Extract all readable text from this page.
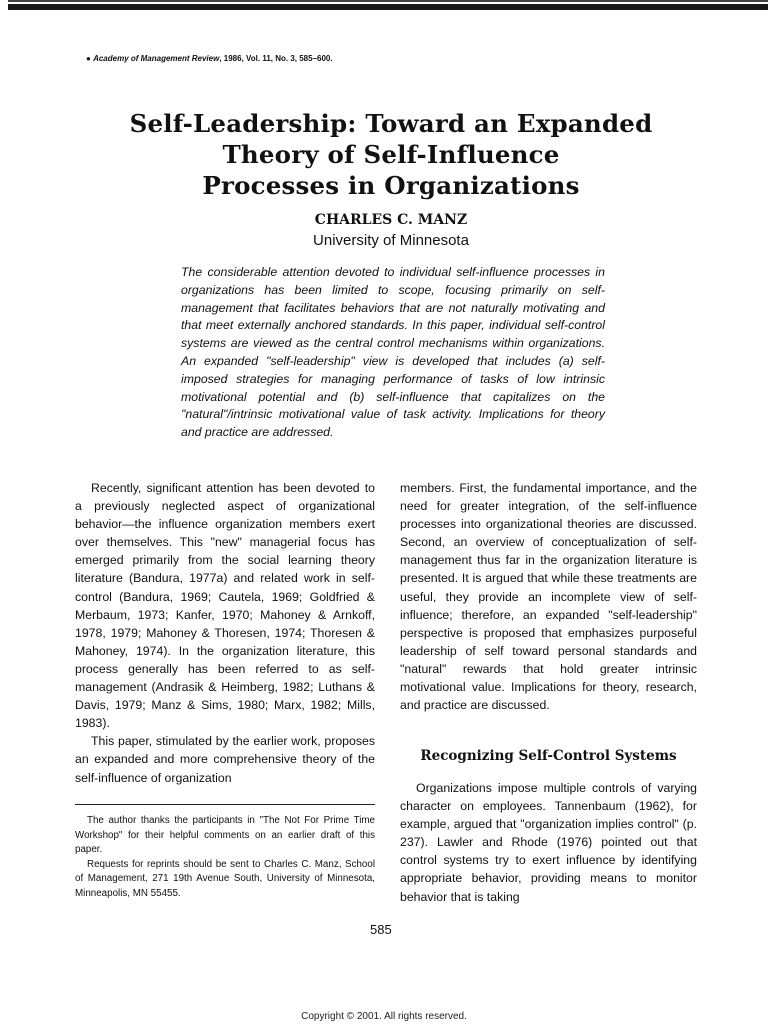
● Academy of Management Review, 1986, Vol. 11, No. 3, 585–600.
Self-Leadership: Toward an Expanded
Theory of Self-Influence
Processes in Organizations
CHARLES C. MANZ
University of Minnesota

The considerable attention devoted to individual self-influence processes in organizations has been limited to scope, focusing primarily on self-management that facilitates behaviors that are not naturally motivating and that meet externally anchored standards. In this paper, individual self-control systems are viewed as the central control mechanisms within organizations. An expanded "self-leadership" view is developed that includes (a) self-imposed strategies for managing performance of tasks of low intrinsic motivational potential and (b) self-influence that capitalizes on the "natural"/intrinsic motivational value of task activity. Implications for theory and practice are addressed.

Recently, significant attention has been devoted to a previously neglected aspect of organizational behavior—the influence organization members exert over themselves. This "new" managerial focus has emerged primarily from the social learning theory literature (Bandura, 1977a) and related work in self-control (Bandura, 1969; Cautela, 1969; Goldfried & Merbaum, 1973; Kanfer, 1970; Mahoney & Arnkoff, 1978, 1979; Mahoney & Thoresen, 1974; Thoresen & Mahoney, 1974). In the organization literature, this process generally has been referred to as self-management (Andrasik & Heimberg, 1982; Luthans & Davis, 1979; Manz & Sims, 1980; Marx, 1982; Mills, 1983).

This paper, stimulated by the earlier work, proposes an expanded and more comprehensive theory of the self-influence of organization

The author thanks the participants in "The Not For Prime Time Workshop" for their helpful comments on an earlier draft of this paper.

Requests for reprints should be sent to Charles C. Manz, School of Management, 271 19th Avenue South, University of Minnesota, Minneapolis, MN 55455.

members. First, the fundamental importance, and the need for greater integration, of the self-influence processes into organizational theories are discussed. Second, an overview of conceptualization of self-management thus far in the organization literature is presented. It is argued that while these treatments are useful, they provide an incomplete view of self-influence; therefore, an expanded "self-leadership" perspective is proposed that emphasizes purposeful leadership of self toward personal standards and "natural" rewards that hold greater intrinsic motivational value. Implications for theory, research, and practice are discussed.

Recognizing Self-Control Systems

Organizations impose multiple controls of varying character on employees. Tannenbaum (1962), for example, argued that "organization implies control" (p. 237). Lawler and Rhode (1976) pointed out that control systems try to exert influence by identifying appropriate behavior, providing means to monitor behavior that is taking

585
Copyright © 2001. All rights reserved.
